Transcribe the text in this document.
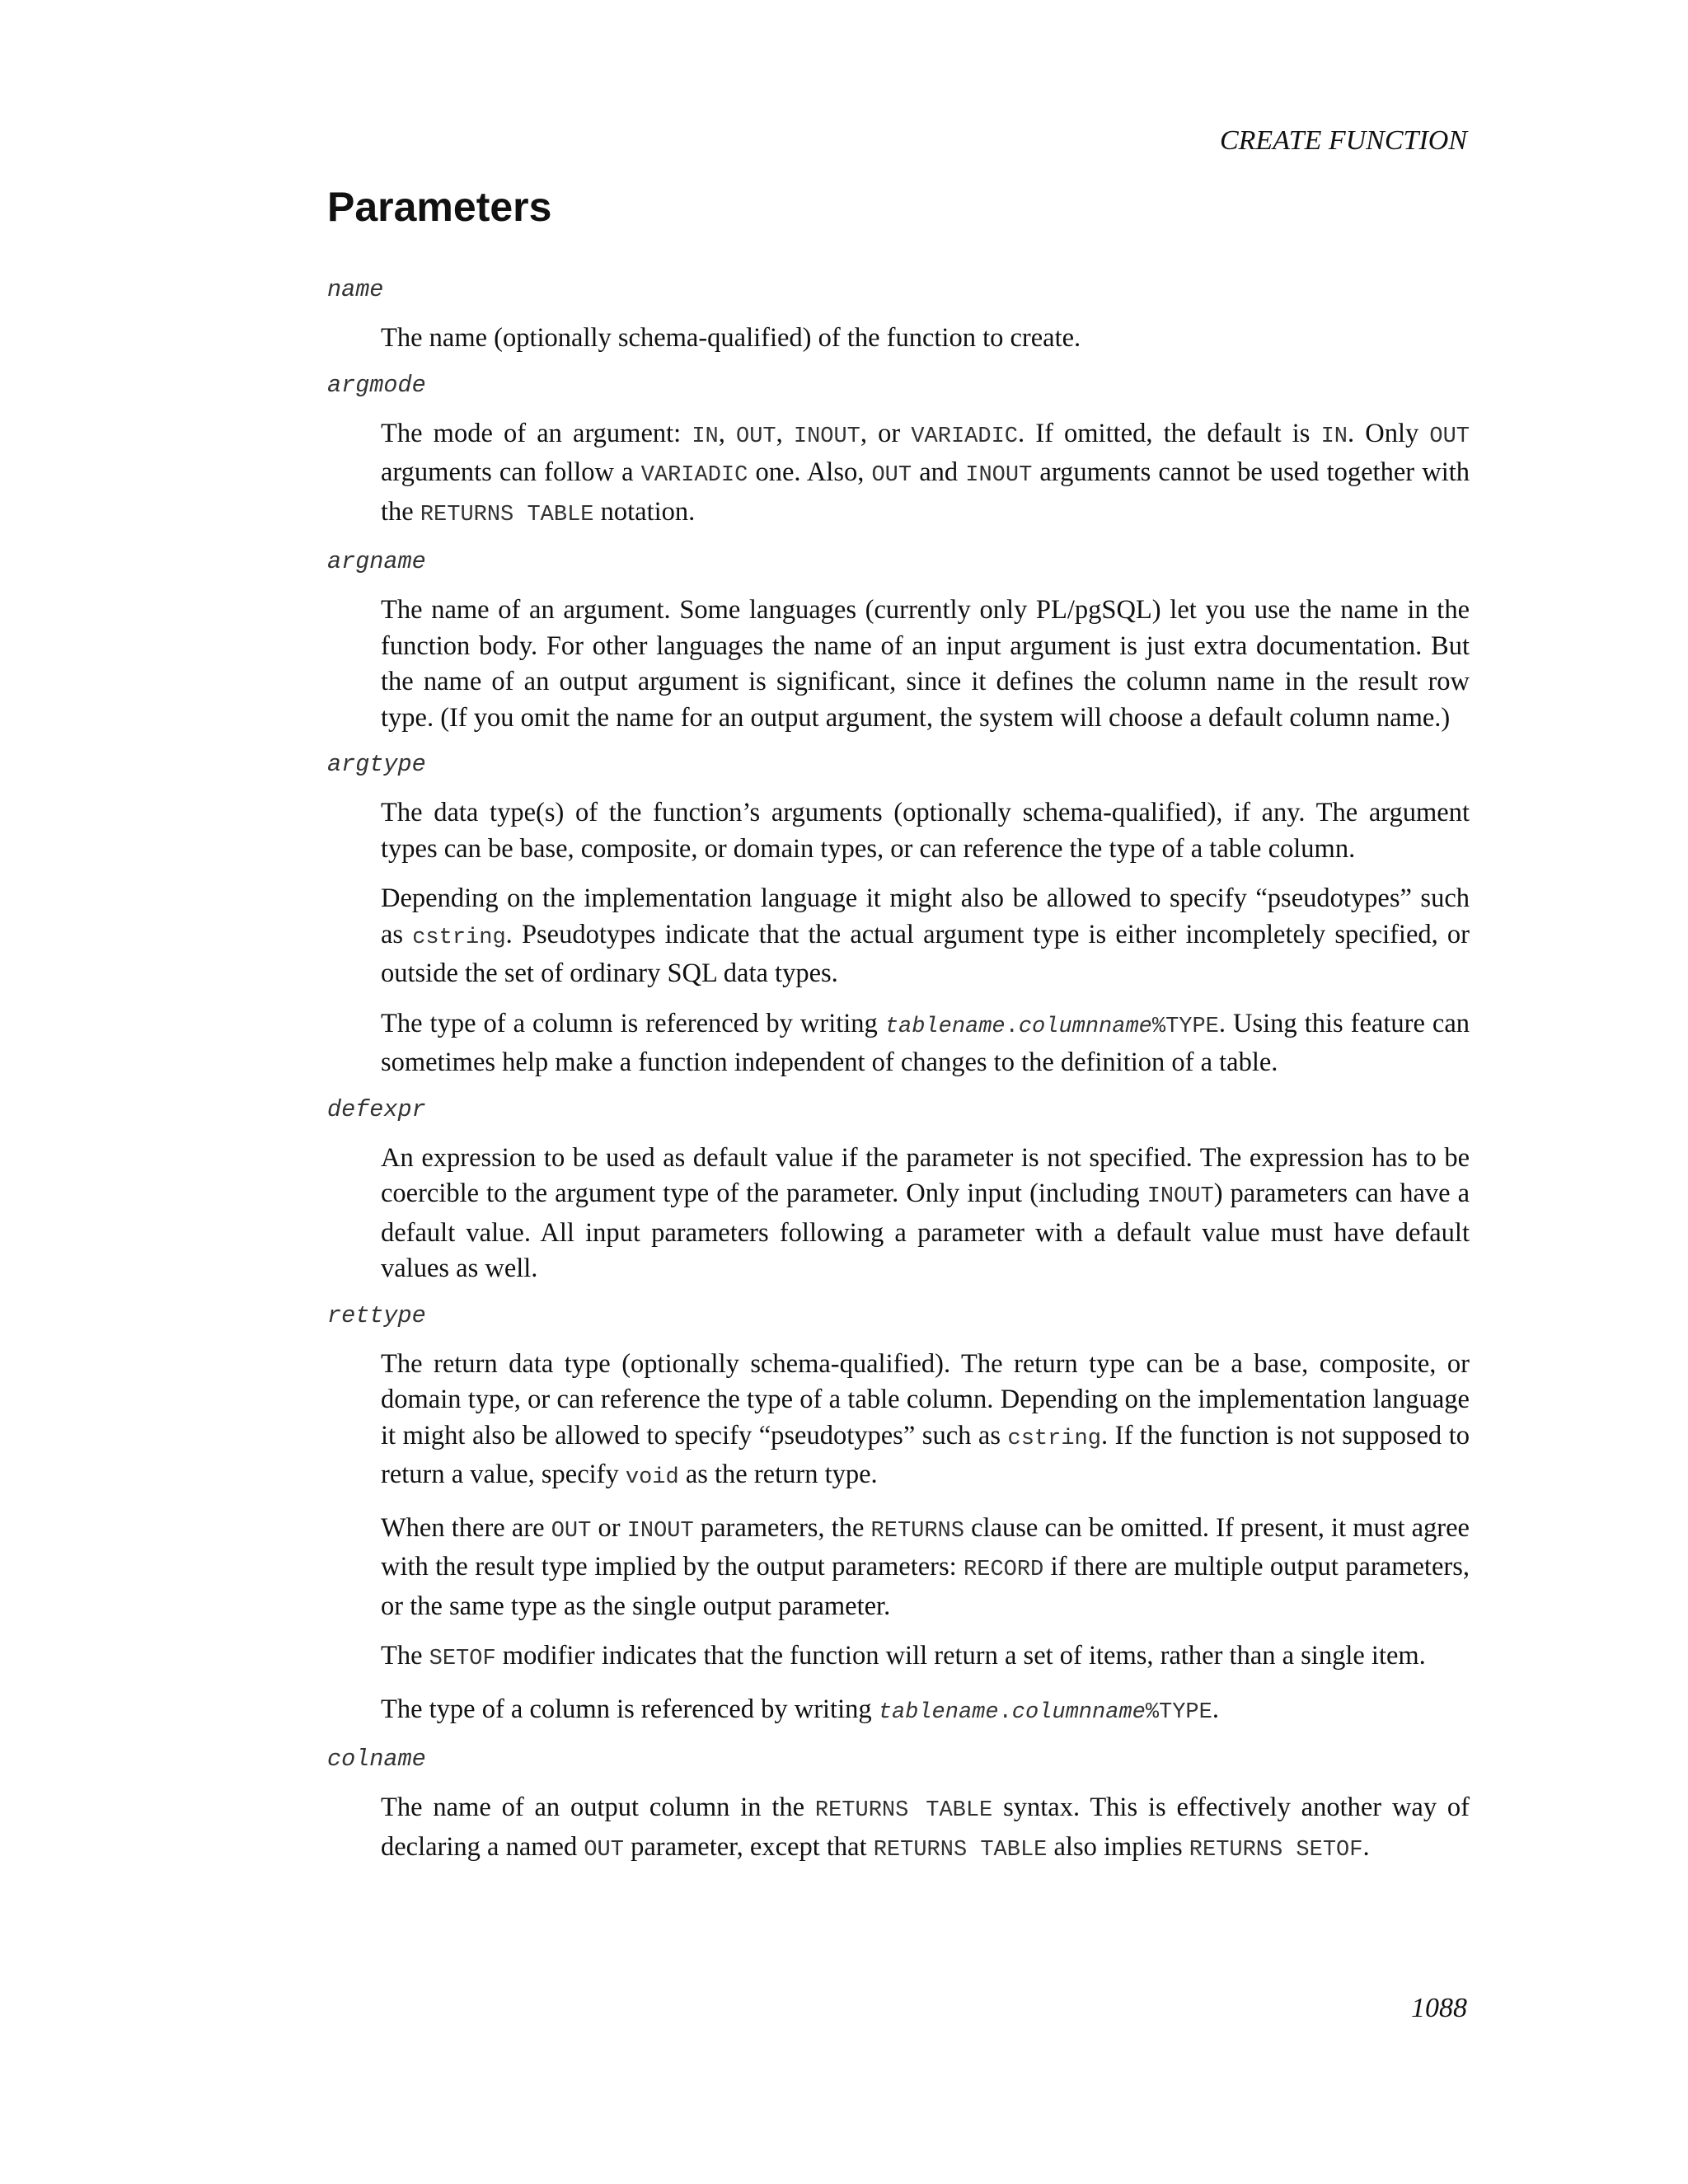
CREATE FUNCTION
Parameters
name

The name (optionally schema-qualified) of the function to create.

argmode

The mode of an argument: IN, OUT, INOUT, or VARIADIC. If omitted, the default is IN. Only OUT arguments can follow a VARIADIC one. Also, OUT and INOUT arguments cannot be used together with the RETURNS TABLE notation.

argname

The name of an argument. Some languages (currently only PL/pgSQL) let you use the name in the function body. For other languages the name of an input argument is just extra documentation. But the name of an output argument is significant, since it defines the column name in the result row type. (If you omit the name for an output argument, the system will choose a default column name.)

argtype

The data type(s) of the function’s arguments (optionally schema-qualified), if any. The argument types can be base, composite, or domain types, or can reference the type of a table column.

Depending on the implementation language it might also be allowed to specify “pseudotypes” such as cstring. Pseudotypes indicate that the actual argument type is either incompletely specified, or outside the set of ordinary SQL data types.

The type of a column is referenced by writing tablename.columnname%TYPE. Using this feature can sometimes help make a function independent of changes to the definition of a table.

defexpr

An expression to be used as default value if the parameter is not specified. The expression has to be coercible to the argument type of the parameter. Only input (including INOUT) parameters can have a default value. All input parameters following a parameter with a default value must have default values as well.

rettype

The return data type (optionally schema-qualified). The return type can be a base, composite, or domain type, or can reference the type of a table column. Depending on the implementation language it might also be allowed to specify “pseudotypes” such as cstring. If the function is not supposed to return a value, specify void as the return type.

When there are OUT or INOUT parameters, the RETURNS clause can be omitted. If present, it must agree with the result type implied by the output parameters: RECORD if there are multiple output parameters, or the same type as the single output parameter.

The SETOF modifier indicates that the function will return a set of items, rather than a single item.

The type of a column is referenced by writing tablename.columnname%TYPE.

colname

The name of an output column in the RETURNS TABLE syntax. This is effectively another way of declaring a named OUT parameter, except that RETURNS TABLE also implies RETURNS SETOF.

1088
